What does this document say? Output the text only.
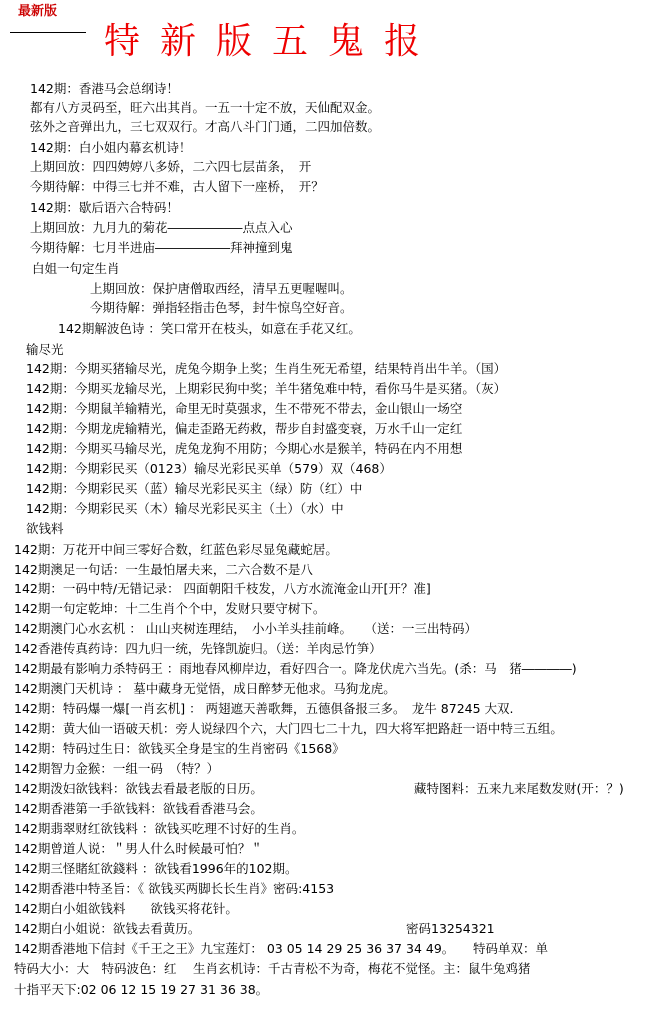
最新版
特新版五鬼报
142期：香港马会总纲诗！
都有八方灵码至，旺六出其肖。一五一十定不放，天仙配双金。
弦外之音弹出九，三七双双行。才高八斗门门通，二四加倍数。
142期：白小姐内幕玄机诗！
上期回放：四四娉婷八多娇，二六四七层苗条，　开
今期待解：中得三七并不难，古人留下一座桥，　开？
142期：歇后语六合特码！
上期回放：九月九的菊花――――――点点入心
今期待解：七月半进庙――――――拜神撞到鬼
白姐一句定生肖
上期回放：保护唐僧取西经，清早五更喔喔叫。
今期待解：弹指轻指击色琴，封牛惊鸟空好音。
142期解波色诗 ：笑口常开在枝头，如意在手花又红。
输尽光
142期：今期买猪输尽光，虎兔今期争上奖；生肖生死无希望，结果特肖出牛羊。（国）
142期：今期买龙输尽光，上期彩民狗中奖；羊牛猪兔难中特，看你马牛是买猪。（灰）
142期：今期鼠羊输精光，命里无时莫强求，生不带死不带去，金山银山一场空
142期：今期龙虎输精光，偏走歪路无药救，帮步自封盛变衰，万水千山一定红
142期：今期买马输尽光，虎兔龙狗不用防；今期心水是猴羊，特码在内不用想
142期：今期彩民买（0123）输尽光彩民买单（579）双（468）
142期：今期彩民买（蓝）输尽光彩民买主（绿）防（红）中
142期：今期彩民买（木）输尽光彩民买主（土）（水）中
欲钱料
142期：万花开中间三零好合数，红蓝色彩尽显兔藏蛇居。
142期澳足一句话：一生最怕屠夫来，二六合数不是八
142期：一码中特/无错记录： 四面朝阳千枝发，八方水流淹金山开[开？准]
142期一句定乾坤：十二生肖个个中，发财只要守树下。
142期澳门心水玄机 ： 山山夹树连理结，　小小羊头挂前峰。　　（送：一三出特码）
142香港传真药诗：四九归一统，先锋凯旋归。（送：羊肉忌竹笋）
142期最有影响力杀特码王 ：雨地春风柳岸边，看好四合一。降龙伏虎六当先。(杀：马　猪――――)
142期澳门天机诗 ： 墓中藏身无觉悟，成日醉梦无他求。马狗龙虎。
142期：特码爆一爆[一肖玄机] ： 两翅遮天善歌舞，五德俱备报三多。　龙牛 87245 大双.
142期：黄大仙一语破天机：旁人说绿四个六，大门四七二十九，四大将军把路赶一语中特三五组。
142期：特码过生日：欲钱买全身是宝的生肖密码《1568》
142期智力金猴：一组一码　（特？）
142期泼妇欲钱料：欲钱去看最老版的日历。	藏特图料：五来九来尾数发财(开：？)
142期香港第一手欲钱料：欲钱看香港马会。
142期翡翠财红欲钱料 ：欲钱买吃理不讨好的生肖。
142期曾道人说：＂男人什么时候最可怕？＂
142期三怪賭紅欲錢料 ：欲钱看1996年的102期。
142期香港中特圣旨：《 欲钱买两脚长长生肖》密码:4153
142期白小姐欲钱料　　欲钱买将花针。
142期白小姐说：欲钱去看黄历。	密码13254321
142期香港地下信封《千王之王》九宝莲灯： 03 05 14 29 25 36 37 34 49。　　特码单双：单
特码大小：大　特码波色：红　 生肖玄机诗：千古青松不为奇，梅花不觉怪。主：鼠牛兔鸡猪
十指平天下:02 06 12 15 19 27 31 36 38。
